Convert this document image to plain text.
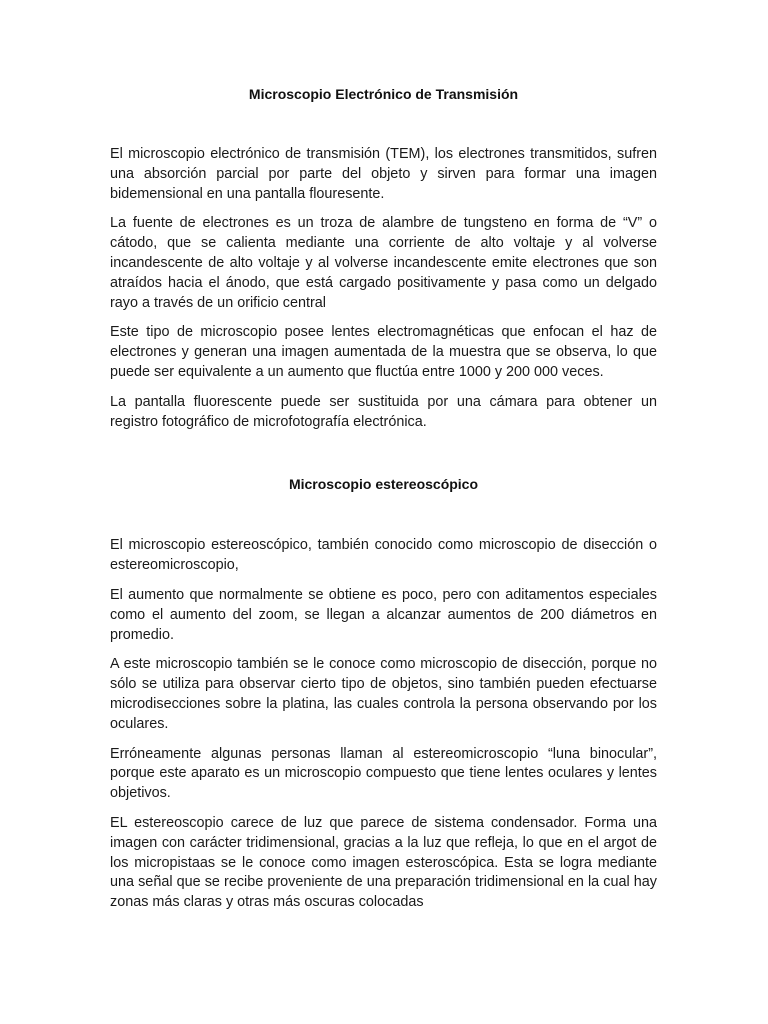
Microscopio Electrónico de Transmisión

El microscopio electrónico de transmisión (TEM), los electrones transmitidos, sufren una absorción parcial por parte del objeto y sirven para formar una imagen bidemensional en una pantalla flouresente.

La fuente de electrones es un troza de alambre de tungsteno en forma de “V” o cátodo, que se calienta mediante una corriente de alto voltaje y al volverse incandescente de alto voltaje y al volverse incandescente emite electrones que son atraídos hacia el ánodo, que está cargado positivamente y pasa como un delgado rayo a través de un orificio central

Este tipo de microscopio posee lentes electromagnéticas que enfocan el haz de electrones y generan una imagen aumentada de la muestra que se observa, lo que puede ser equivalente a un aumento que fluctúa entre 1000 y 200 000 veces.

La pantalla fluorescente puede ser sustituida por una cámara para obtener un registro fotográfico de microfotografía electrónica.

Microscopio estereoscópico

El microscopio estereoscópico, también conocido como microscopio de disección o estereomicroscopio,

El aumento que normalmente se obtiene es poco, pero con aditamentos especiales como el aumento del zoom, se llegan a alcanzar aumentos de 200 diámetros en promedio.

A este microscopio también se le conoce como microscopio de disección, porque no sólo se utiliza para observar cierto tipo de objetos, sino también pueden efectuarse microdisecciones sobre la platina, las cuales controla la persona observando por los oculares.

Erróneamente algunas personas llaman al estereomicroscopio “luna binocular”, porque este aparato es un microscopio compuesto que tiene lentes oculares y lentes objetivos.

EL estereoscopio carece de luz que parece de sistema condensador. Forma una imagen con carácter tridimensional, gracias a la luz que refleja, lo que en el argot de los micropistaas se le conoce como imagen esteroscópica. Esta se logra mediante una señal que se recibe proveniente de una preparación tridimensional en la cual hay zonas más claras y otras más oscuras colocadas
